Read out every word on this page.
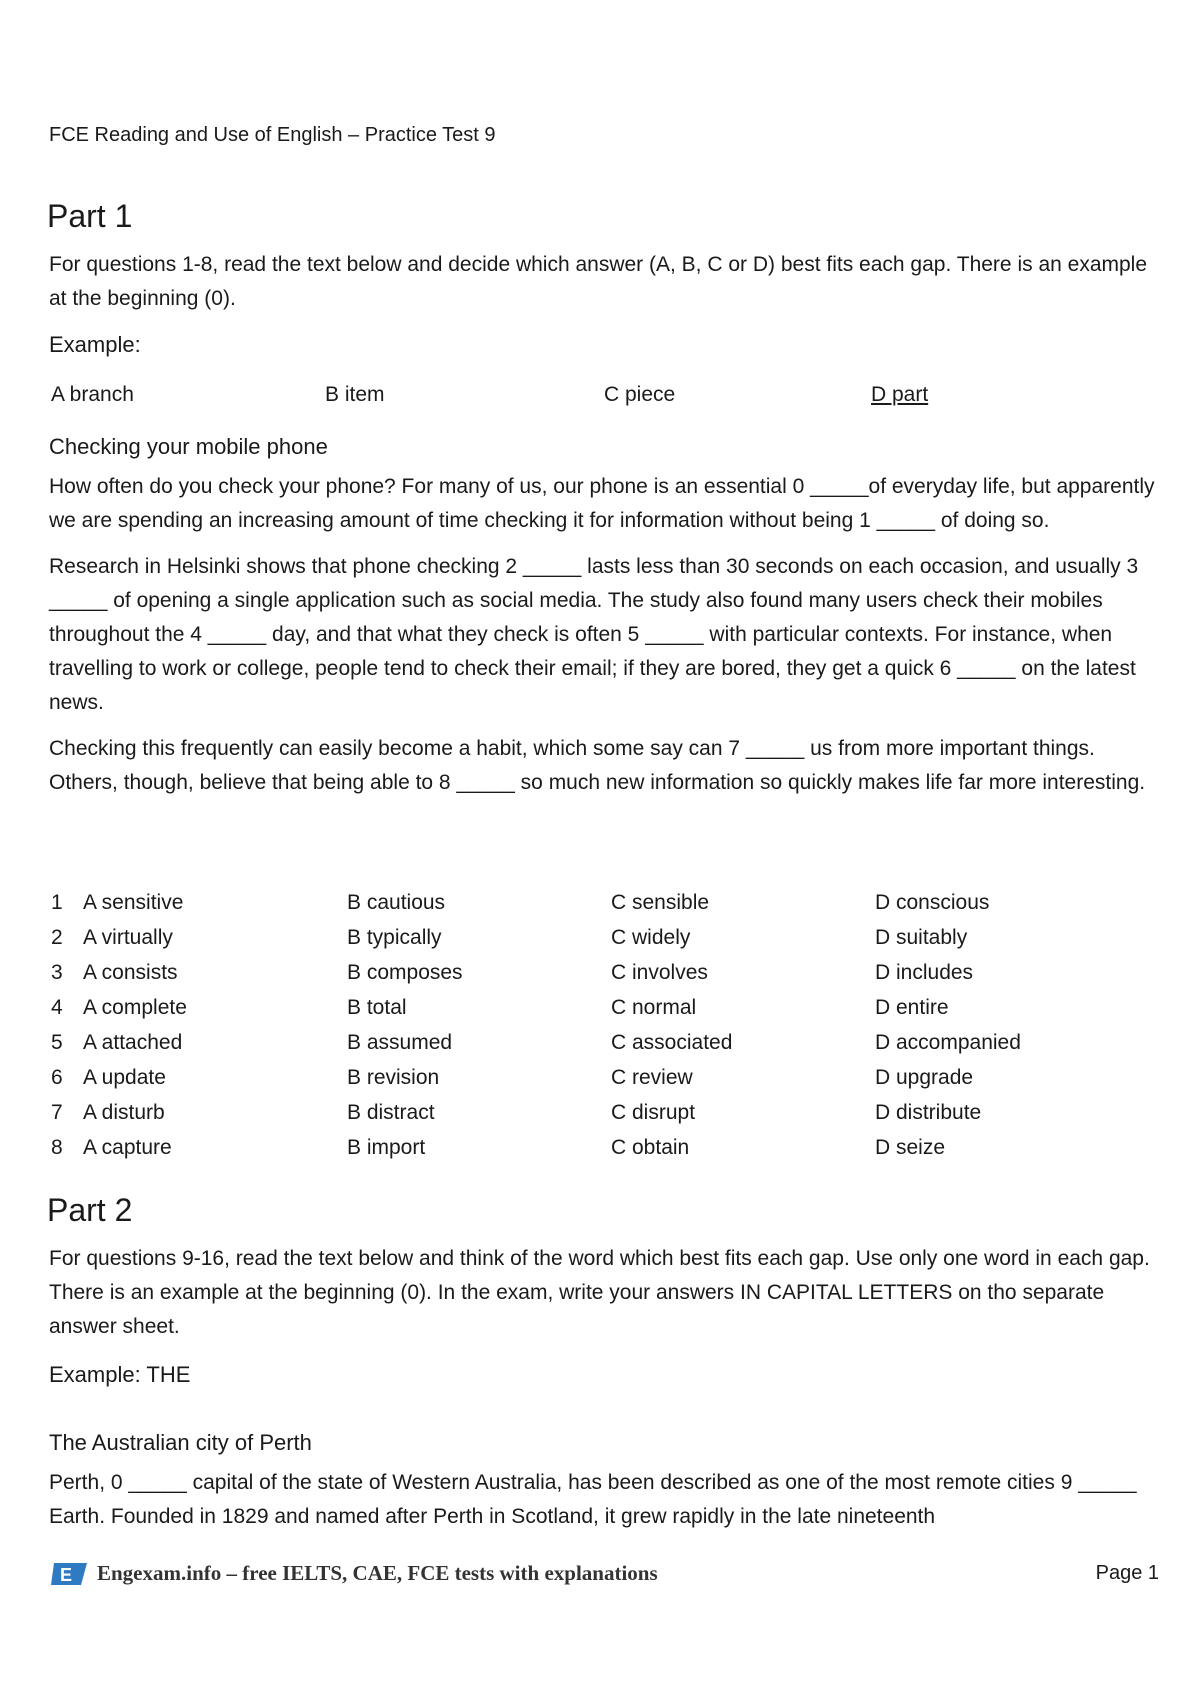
FCE Reading and Use of English – Practice Test 9
Part 1

For questions 1-8, read the text below and decide which answer (A, B, C or D) best fits each gap. There is an example at the beginning (0).

Example:
A branch	B item	C piece	D part
Checking your mobile phone

How often do you check your phone? For many of us, our phone is an essential 0 _____of everyday life, but apparently we are spending an increasing amount of time checking it for information without being 1 _____ of doing so.

Research in Helsinki shows that phone checking 2 _____ lasts less than 30 seconds on each occasion, and usually 3 _____ of opening a single application such as social media. The study also found many users check their mobiles throughout the 4 _____ day, and that what they check is often 5 _____ with particular contexts. For instance, when travelling to work or college, people tend to check their email; if they are bored, they get a quick 6 _____ on the latest news.

Checking this frequently can easily become a habit, which some say can 7 _____ us from more important things. Others, though, believe that being able to 8 _____ so much new information so quickly makes life far more interesting.

1 A sensitive	B cautious	C sensible	D conscious
2 A virtually	B typically	C widely	D suitably
3 A consists	B composes	C involves	D includes
4 A complete	B total	C normal	D entire
5 A attached	B assumed	C associated	D accompanied
6 A update	B revision	C review	D upgrade
7 A disturb	B distract	C disrupt	D distribute
8 A capture	B import	C obtain	D seize
Part 2

For questions 9-16, read the text below and think of the word which best fits each gap. Use only one word in each gap. There is an example at the beginning (0). In the exam, write your answers IN CAPITAL LETTERS on tho separate answer sheet.

Example: THE
The Australian city of Perth

Perth, 0 _____ capital of the state of Western Australia, has been described as one of the most remote cities 9 _____ Earth. Founded in 1829 and named after Perth in Scotland, it grew rapidly in the late nineteenth

E Engexam.info – free IELTS, CAE, FCE tests with explanations	Page 1
